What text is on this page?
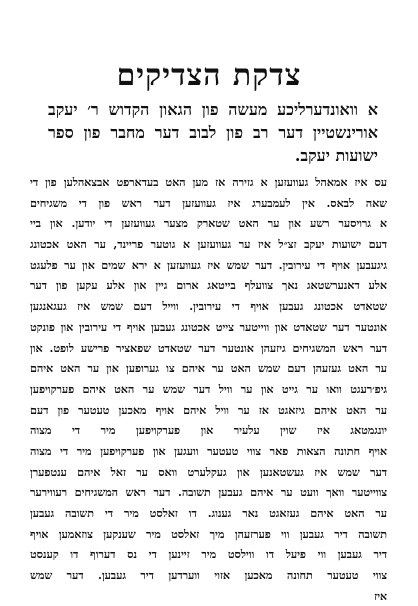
צדקת הצדיקים
א וואונדערליכע מעשה פון הגאון הקדוש ר׳ יעקב אורינשטיין דער רב פון לבוב דער מחבר פון ספר ישועות יעקב.
עס איז אמאהל געוועזען א גזירה אז מען האט בעדארפט אבצאהלען פון די
שאה לבאס. אין לעמבערג איז געוועזען דער ראש פון די משגיחים
א גרויסער רשע און ער האט שטארק מצער געוועזען די יודען. און ביי
דעם ישועות יעקב זצ״ל איז ער געוועזען א גוטער פריינד, ער האט אכטונג
גיגעבען אויף די עירובין. דער שמש איז געוועזען א ירא שמים און ער פלעגט
אלע דאנערשטאג נאך צוועלף בייטאג ארום גיין און אלע עקען פון דער
שטאדט אכטונג געבען אויף די עירובין. ווייל דעם שמש איז געגאנגען
אונטער דער שטאדט און ווייטער צייט אכטונג געבען אויף די עירובין און פונקט
דער ראש המשגיחים גיזעהן אונטער דער שטאדט שפאציר פרישע לופט. און
ער האט געזעהן דעם שמש האט ער איהם צו גערופען און ער האט איהם
גיפ׳רעגט וואו ער גייט און ער וויל דער שמש ער האט איהם פערקויפען
ער האט איהם גיזאגט אז ער וויל איהם אויף מאכען טעטער פון דעם
יונגמטאג איז שוין עלעיר און פערקויפען מיר די מצוה
אויף חתונה הצאות פאר צווי טעטער וועגען און פערקויפען מיר די מצוה
דער שמש איז געשטאנען און געקלערט וואס ער זאל איהם ענטפערן
צווייטער וואך וועט ער איהם געבען תשובה. דער ראש המשגיחים רעווירער
ער האט איהם געזאגט נאר גענוג. דו זאלסט מיר די תשובה געבען
תשובה דיר געבען ווי פערזעהן מיך זאלסט מיר שענקען צוזאמען אויף
דיר געבען ווי פיעל דו ווילסט מיר זיינען די נס דערוף דו קענסט
צווי טעטער תחונה מאכען אזוי ווערדען דיר געבען. דער שמש
איז
